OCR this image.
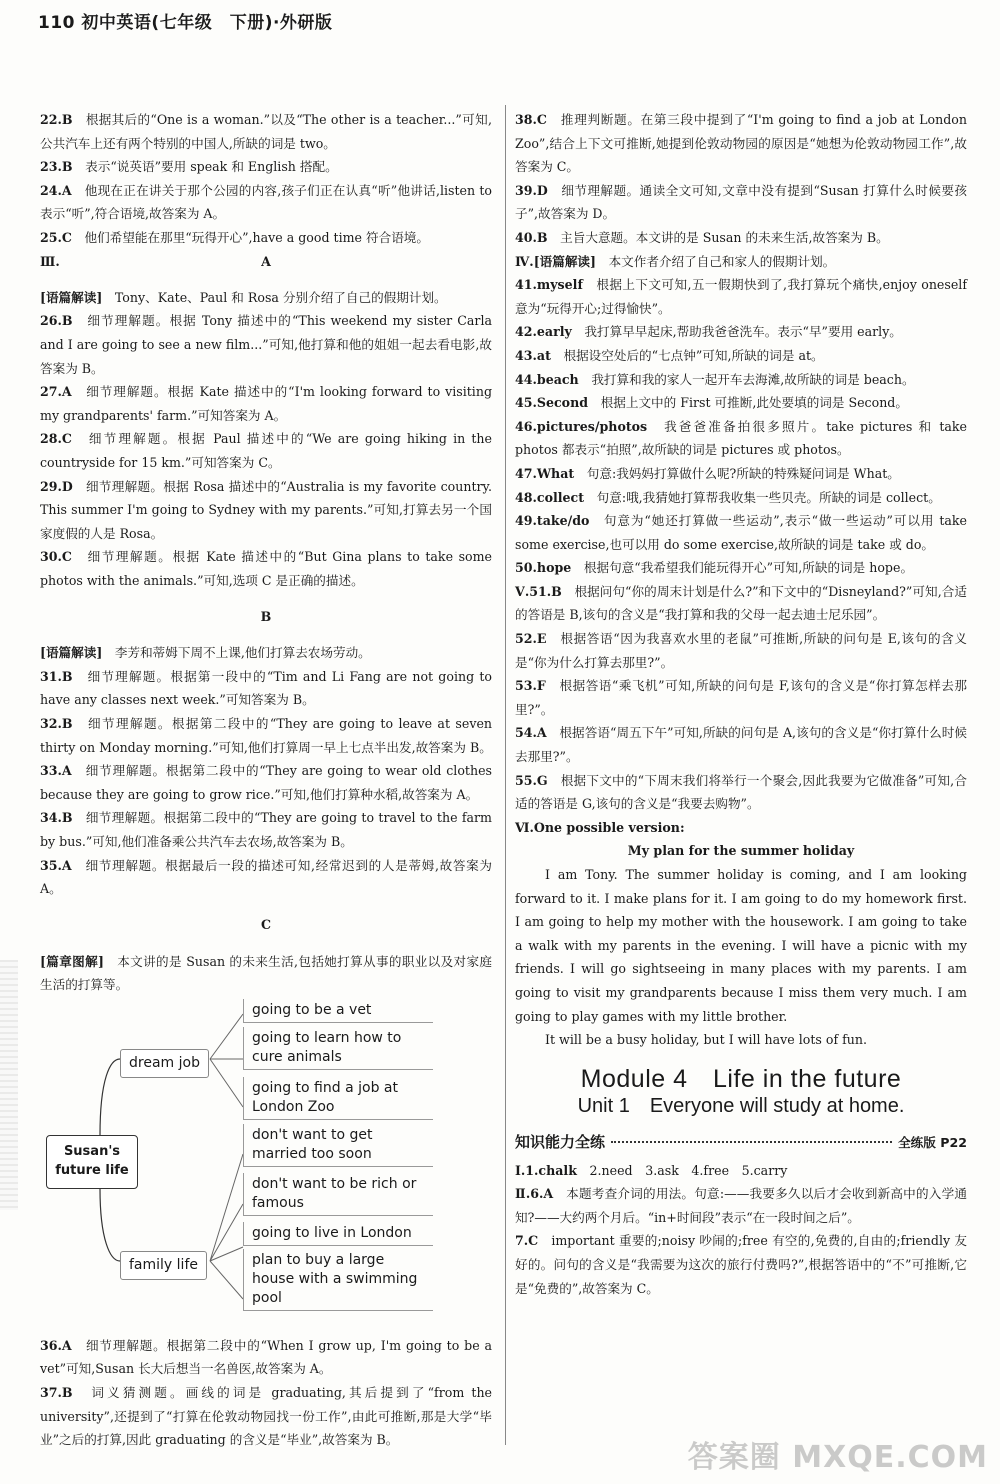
110 初中英语(七年级　下册)·外研版

22.B　 根据其后的“One is a woman.”以及“The other is a teacher...”可知,公共汽车上还有两个特别的中国人,所缺的词是 two。

23.B　 表示“说英语”要用 speak 和 English 搭配。

24.A　 他现在正在讲关于那个公园的内容,孩子们正在认真“听”他讲话,listen to 表示“听”,符合语境,故答案为 A。

25.C　 他们希望能在那里“玩得开心”,have a good time 符合语境。

Ⅲ.	A

[语篇解读]　 Tony、Kate、Paul 和 Rosa 分别介绍了自己的假期计划。

26.B　 细节理解题。根据 Tony 描述中的“This weekend my sister Carla and I are going to see a new film...”可知,他打算和他的姐姐一起去看电影,故答案为 B。

27.A　 细节理解题。根据 Kate 描述中的“I'm looking forward to visiting my grandparents' farm.”可知答案为 A。

28.C　 细节理解题。根据 Paul 描述中的“We are going hiking in the countryside for 15 km.”可知答案为 C。

29.D　 细节理解题。根据 Rosa 描述中的“Australia is my favorite country. This summer I'm going to Sydney with my parents.”可知,打算去另一个国家度假的人是 Rosa。

30.C　 细节理解题。根据 Kate 描述中的“But Gina plans to take some photos with the animals.”可知,选项 C 是正确的描述。

B

[语篇解读]　 李芳和蒂姆下周不上课,他们打算去农场劳动。

31.B　 细节理解题。根据第一段中的“Tim and Li Fang are not going to have any classes next week.”可知答案为 B。

32.B　 细节理解题。根据第二段中的“They are going to leave at seven thirty on Monday morning.”可知,他们打算周一早上七点半出发,故答案为 B。

33.A　 细节理解题。根据第二段中的“They are going to wear old clothes because they are going to grow rice.”可知,他们打算种水稻,故答案为 A。

34.B　 细节理解题。根据第二段中的“They are going to travel to the farm by bus.”可知,他们准备乘公共汽车去农场,故答案为 B。

35.A　 细节理解题。根据最后一段的描述可知,经常迟到的人是蒂姆,故答案为 A。

C

[篇章图解]　 本文讲的是 Susan 的未来生活,包括她打算从事的职业以及对家庭生活的打算等。

Susan's future life
dream job
family life
going to be a vet
going to learn how to cure animals
going to find a job at London Zoo
don't want to get married too soon
don't want to be rich or famous
going to live in London
plan to buy a large house with a swimming pool

36.A　 细节理解题。根据第二段中的“When I grow up, I'm going to be a vet”可知,Susan 长大后想当一名兽医,故答案为 A。

37.B　 词义猜测题。画线的词是 graduating,其后提到了“from the university”,还提到了“打算在伦敦动物园找一份工作”,由此可推断,那是大学“毕业”之后的打算,因此 graduating 的含义是“毕业”,故答案为 B。

38.C　 推理判断题。在第三段中提到了“I'm going to find a job at London Zoo”,结合上下文可推断,她提到伦敦动物园的原因是“她想为伦敦动物园工作”,故答案为 C。

39.D　 细节理解题。通读全文可知,文章中没有提到“Susan 打算什么时候要孩子”,故答案为 D。

40.B　 主旨大意题。本文讲的是 Susan 的未来生活,故答案为 B。

Ⅳ.[语篇解读]　 本文作者介绍了自己和家人的假期计划。

41.myself　 根据上下文可知,五一假期快到了,我打算玩个痛快,enjoy oneself 意为“玩得开心;过得愉快”。

42.early　 我打算早早起床,帮助我爸爸洗车。表示“早”要用 early。

43.at　 根据设空处后的“七点钟”可知,所缺的词是 at。

44.beach　 我打算和我的家人一起开车去海滩,故所缺的词是 beach。

45.Second　 根据上文中的 First 可推断,此处要填的词是 Second。

46.pictures/photos　 我爸爸准备拍很多照片。take pictures 和 take photos 都表示“拍照”,故所缺的词是 pictures 或 photos。

47.What　 句意:我妈妈打算做什么呢?所缺的特殊疑问词是 What。

48.collect　 句意:哦,我猜她打算帮我收集一些贝壳。所缺的词是 collect。

49.take/do　 句意为“她还打算做一些运动”,表示“做一些运动”可以用 take some exercise,也可以用 do some exercise,故所缺的词是 take 或 do。

50.hope　 根据句意“我希望我们能玩得开心”可知,所缺的词是 hope。

Ⅴ.51.B　 根据问句“你的周末计划是什么?”和下文中的“Disneyland?”可知,合适的答语是 B,该句的含义是“我打算和我的父母一起去迪士尼乐园”。

52.E　 根据答语“因为我喜欢水里的老鼠”可推断,所缺的问句是 E,该句的含义是“你为什么打算去那里?”。

53.F　 根据答语“乘飞机”可知,所缺的问句是 F,该句的含义是“你打算怎样去那里?”。

54.A　 根据答语“周五下午”可知,所缺的问句是 A,该句的含义是“你打算什么时候去那里?”。

55.G　 根据下文中的“下周末我们将举行一个聚会,因此我要为它做准备”可知,合适的答语是 G,该句的含义是“我要去购物”。

Ⅵ.One possible version:

My plan for the summer holiday

I am Tony. The summer holiday is coming, and I am looking forward to it. I make plans for it. I am going to do my homework first. I am going to help my mother with the housework. I am going to take a walk with my parents in the evening. I will have a picnic with my friends. I will go sightseeing in many places with my parents. I am going to visit my grandparents because I miss them very much. I am going to play games with my little brother.

It will be a busy holiday, but I will have lots of fun.

Module 4　Life in the future
Unit 1　Everyone will study at home.
知识能力全练	全练版 P22

Ⅰ.1.chalk　 2.need　3.ask　4.free　5.carry

Ⅱ.6.A　 本题考查介词的用法。句意:——我要多久以后才会收到新高中的入学通知?——大约两个月后。“in+时间段”表示“在一段时间之后”。

7.C　 important 重要的;noisy 吵闹的;free 有空的,免费的,自由的;friendly 友好的。问句的含义是“我需要为这次的旅行付费吗?”,根据答语中的“不”可推断,它是“免费的”,故答案为 C。

答案圈 MXQE.COM
